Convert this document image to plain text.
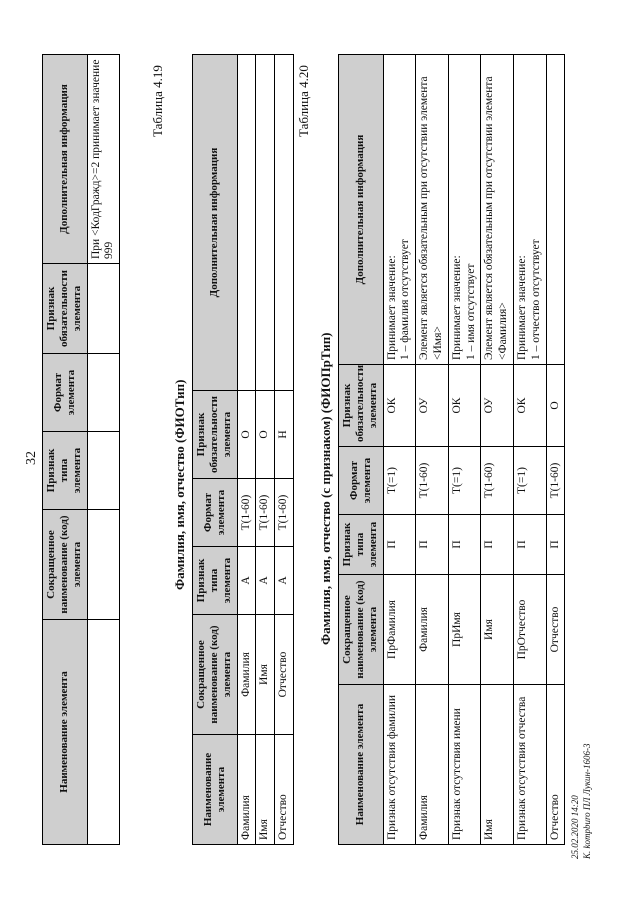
32
Наименование элемента	Сокращенное наименование (код) элемента	Признак типа элемента	Формат элемента	Признак обязательности элемента	Дополнительная информация
					При <КодГражд>=2 принимает значение 999
Таблица 4.19
Фамилия, имя, отчество (ФИОТип)
Наименование элемента	Сокращенное наименование (код) элемента	Признак типа элемента	Формат элемента	Признак обязательности элемента	Дополнительная информация
Фамилия	Фамилия	А	T(1-60)	O	
Имя	Имя	А	T(1-60)	O	
Отчество	Отчество	А	T(1-60)	Н	
Таблица 4.20
Фамилия, имя, отчество (с признаком) (ФИОПрТип)
Наименование элемента	Сокращенное наименование (код) элемента	Признак типа элемента	Формат элемента	Признак обязательности элемента	Дополнительная информация
Признак отсутствия фамилии	ПрФамилия	П	T(=1)	ОК	Принимает значение: 1 – фамилия отсутствует

Фамилия	Фамилия	П	T(1-60)	ОУ	Элемент является обязательным при отсутствии элемента <Имя>
Признак отсутствия имени	ПрИмя	П	T(=1)	ОК	Принимает значение: 1 – имя отсутствует

Имя	Имя	П	T(1-60)	ОУ	Элемент является обязательным при отсутствии элемента <Фамилия>
Признак отсутствия отчества	ПрОтчество	П	T(=1)	ОК	Принимает значение: 1 – отчество отсутствует

Отчество	Отчество	П	T(1-60)	О	
25.02.2020 14:20 К. kompburo ПЛ Лукин-1606-3
